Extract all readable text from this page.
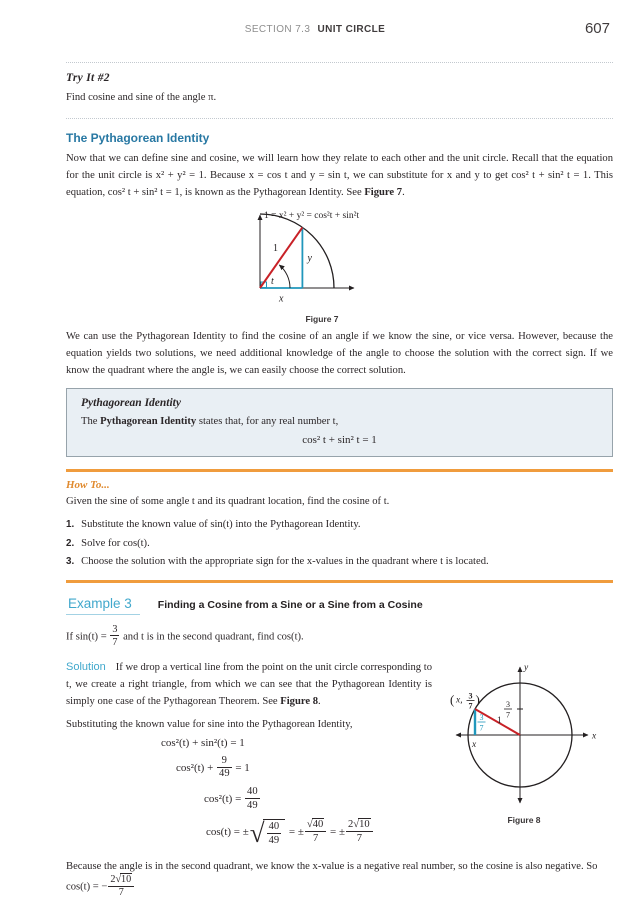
SECTION 7.3 UNIT CIRCLE	607
Try It #2

Find cosine and sine of the angle π.

The Pythagorean Identity

Now that we can define sine and cosine, we will learn how they relate to each other and the unit circle. Recall that the equation for the unit circle is x² + y² = 1. Because x = cos t and y = sin t, we can substitute for x and y to get cos² t + sin² t = 1. This equation, cos² t + sin² t = 1, is known as the Pythagorean Identity. See Figure 7.

1 = x² + y² = cos²t + sin²t
1
y
x
t
Figure 7

We can use the Pythagorean Identity to find the cosine of an angle if we know the sine, or vice versa. However, because the equation yields two solutions, we need additional knowledge of the angle to choose the solution with the correct sign. If we know the quadrant where the angle is, we can easily choose the correct solution.

Pythagorean Identity

The Pythagorean Identity states that, for any real number t,

cos² t + sin² t = 1
How To...

Given the sine of some angle t and its quadrant location, find the cosine of t.

1. Substitute the known value of sin(t) into the Pythagorean Identity.
2. Solve for cos(t).
3. Choose the solution with the appropriate sign for the x-values in the quadrant where t is located.
Example 3	Finding a Cosine from a Sine or a Sine from a Cosine

If $\sin(t) = \frac{3}{7}$ and t is in the second quadrant, find cos(t).

Solution If we drop a vertical line from the point on the unit circle corresponding to t, we create a right triangle, from which we can see that the Pythagorean Identity is simply one case of the Pythagorean Theorem. See Figure 8.

Substituting the known value for sine into the Pythagorean Identity,

cos²(t) + sin²(t) = 1
$\cos^2(t) + \frac{9}{49} = 1$
$\cos^2(t) = \frac{40}{49}$
cos(t) = ± √ $\frac{40}{49}$ = ± $\frac{√40}{7}$ = ± $\frac{2√10}{7}$
y
x
1
3
7
3
7
( x, 3
7 )
x
Figure 8

Because the angle is in the second quadrant, we know the x-value is a negative real number, so the cosine is also negative. So cos(t) = − $\frac{2√10}{7}$
